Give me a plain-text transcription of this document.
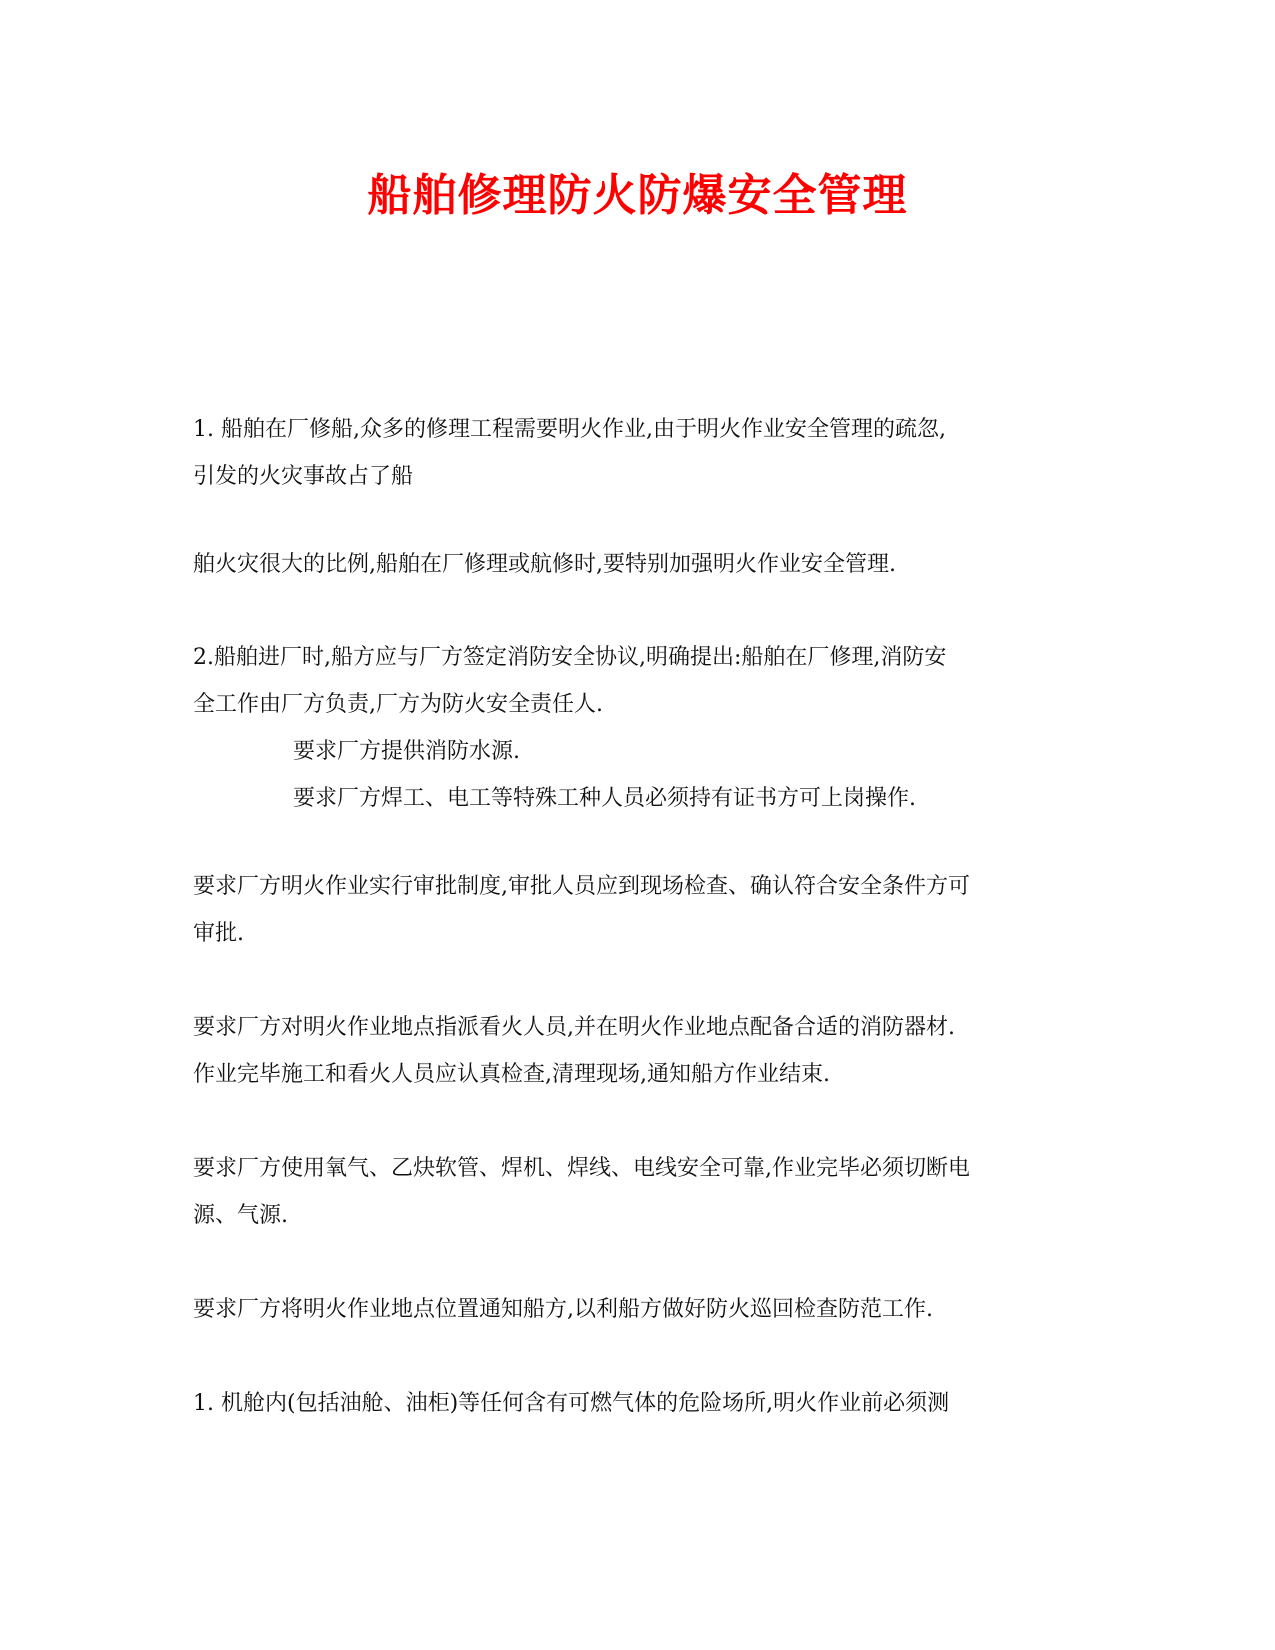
船舶修理防火防爆安全管理
1. 船舶在厂修船,众多的修理工程需要明火作业,由于明火作业安全管理的疏忽,
引发的火灾事故占了船
舶火灾很大的比例,船舶在厂修理或航修时,要特别加强明火作业安全管理.
2.船舶进厂时,船方应与厂方签定消防安全协议,明确提出:船舶在厂修理,消防安
全工作由厂方负责,厂方为防火安全责任人.
要求厂方提供消防水源.
要求厂方焊工、电工等特殊工种人员必须持有证书方可上岗操作.
要求厂方明火作业实行审批制度,审批人员应到现场检查、确认符合安全条件方可
审批.
要求厂方对明火作业地点指派看火人员,并在明火作业地点配备合适的消防器材.
作业完毕施工和看火人员应认真检查,清理现场,通知船方作业结束.
要求厂方使用氧气、乙炔软管、焊机、焊线、电线安全可靠,作业完毕必须切断电
源、气源.
要求厂方将明火作业地点位置通知船方,以利船方做好防火巡回检查防范工作.
1. 机舱内(包括油舱、油柜)等任何含有可燃气体的危险场所,明火作业前必须测
